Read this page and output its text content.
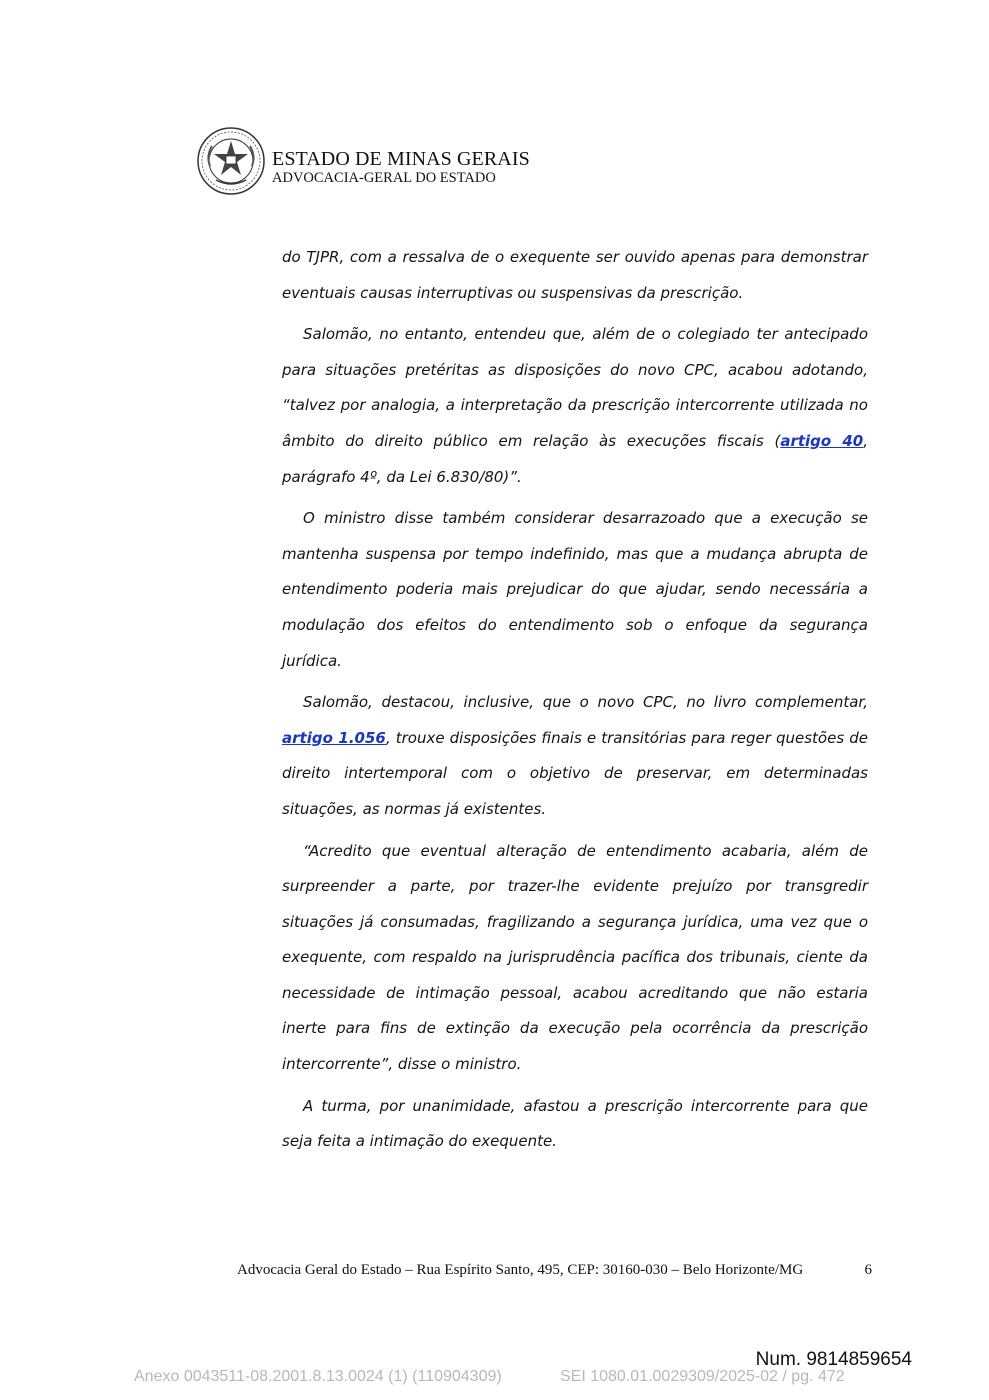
ESTADO DE MINAS GERAIS
ADVOCACIA-GERAL DO ESTADO

do TJPR, com a ressalva de o exequente ser ouvido apenas para demonstrar eventuais causas interruptivas ou suspensivas da prescrição.

Salomão, no entanto, entendeu que, além de o colegiado ter antecipado para situações pretéritas as disposições do novo CPC, acabou adotando, “talvez por analogia, a interpretação da prescrição intercorrente utilizada no âmbito do direito público em relação às execuções fiscais (artigo 40, parágrafo 4º, da Lei 6.830/80)”.

O ministro disse também considerar desarrazoado que a execução se mantenha suspensa por tempo indefinido, mas que a mudança abrupta de entendimento poderia mais prejudicar do que ajudar, sendo necessária a modulação dos efeitos do entendimento sob o enfoque da segurança jurídica.

Salomão, destacou, inclusive, que o novo CPC, no livro complementar, artigo 1.056, trouxe disposições finais e transitórias para reger questões de direito intertemporal com o objetivo de preservar, em determinadas situações, as normas já existentes.

“Acredito que eventual alteração de entendimento acabaria, além de surpreender a parte, por trazer-lhe evidente prejuízo por transgredir situações já consumadas, fragilizando a segurança jurídica, uma vez que o exequente, com respaldo na jurisprudência pacífica dos tribunais, ciente da necessidade de intimação pessoal, acabou acreditando que não estaria inerte para fins de extinção da execução pela ocorrência da prescrição intercorrente”, disse o ministro.

A turma, por unanimidade, afastou a prescrição intercorrente para que seja feita a intimação do exequente.

Advocacia Geral do Estado – Rua Espírito Santo, 495, CEP: 30160-030 – Belo Horizonte/MG	6
Num. 9814859654
Anexo 0043511-08.2001.8.13.0024 (1) (110904309)	SEI 1080.01.0029309/2025-02 / pg. 472
